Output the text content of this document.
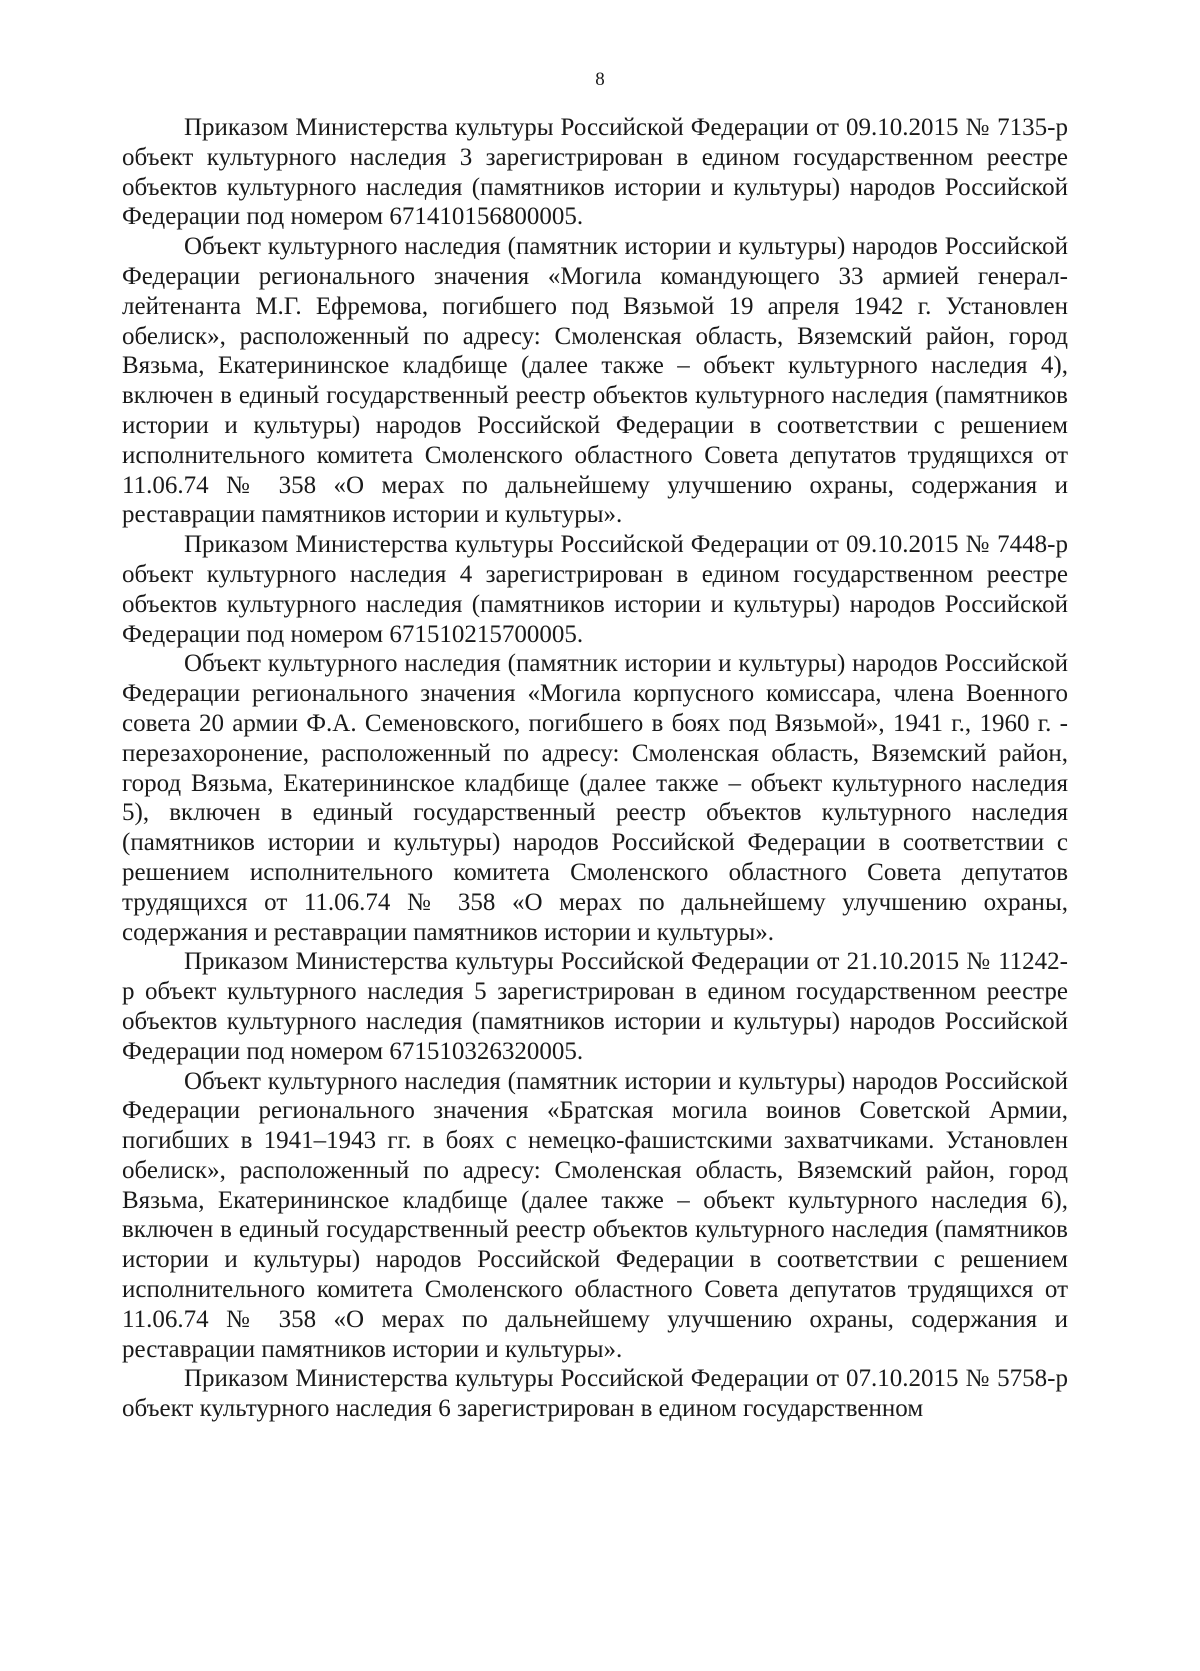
8

Приказом Министерства культуры Российской Федерации от 09.10.2015 № 7135-р объект культурного наследия 3 зарегистрирован в едином государственном реестре объектов культурного наследия (памятников истории и культуры) народов Российской Федерации под номером 671410156800005.

Объект культурного наследия (памятник истории и культуры) народов Российской Федерации регионального значения «Могила командующего 33 армией генерал-лейтенанта М.Г. Ефремова, погибшего под Вязьмой 19 апреля 1942 г. Установлен обелиск», расположенный по адресу: Смоленская область, Вяземский район, город Вязьма, Екатерининское кладбище (далее также – объект культурного наследия 4), включен в единый государственный реестр объектов культурного наследия (памятников истории и культуры) народов Российской Федерации в соответствии с решением исполнительного комитета Смоленского областного Совета депутатов трудящихся от 11.06.74 № 358 «О мерах по дальнейшему улучшению охраны, содержания и реставрации памятников истории и культуры».

Приказом Министерства культуры Российской Федерации от 09.10.2015 № 7448-р объект культурного наследия 4 зарегистрирован в едином государственном реестре объектов культурного наследия (памятников истории и культуры) народов Российской Федерации под номером 671510215700005.

Объект культурного наследия (памятник истории и культуры) народов Российской Федерации регионального значения «Могила корпусного комиссара, члена Военного совета 20 армии Ф.А. Семеновского, погибшего в боях под Вязьмой», 1941 г., 1960 г. - перезахоронение, расположенный по адресу: Смоленская область, Вяземский район, город Вязьма, Екатерининское кладбище (далее также – объект культурного наследия 5), включен в единый государственный реестр объектов культурного наследия (памятников истории и культуры) народов Российской Федерации в соответствии с решением исполнительного комитета Смоленского областного Совета депутатов трудящихся от 11.06.74 № 358 «О мерах по дальнейшему улучшению охраны, содержания и реставрации памятников истории и культуры».

Приказом Министерства культуры Российской Федерации от 21.10.2015 № 11242-р объект культурного наследия 5 зарегистрирован в едином государственном реестре объектов культурного наследия (памятников истории и культуры) народов Российской Федерации под номером 671510326320005.

Объект культурного наследия (памятник истории и культуры) народов Российской Федерации регионального значения «Братская могила воинов Советской Армии, погибших в 1941–1943 гг. в боях с немецко-фашистскими захватчиками. Установлен обелиск», расположенный по адресу: Смоленская область, Вяземский район, город Вязьма, Екатерининское кладбище (далее также – объект культурного наследия 6), включен в единый государственный реестр объектов культурного наследия (памятников истории и культуры) народов Российской Федерации в соответствии с решением исполнительного комитета Смоленского областного Совета депутатов трудящихся от 11.06.74 № 358 «О мерах по дальнейшему улучшению охраны, содержания и реставрации памятников истории и культуры».

Приказом Министерства культуры Российской Федерации от 07.10.2015 № 5758-р объект культурного наследия 6 зарегистрирован в едином государственном
